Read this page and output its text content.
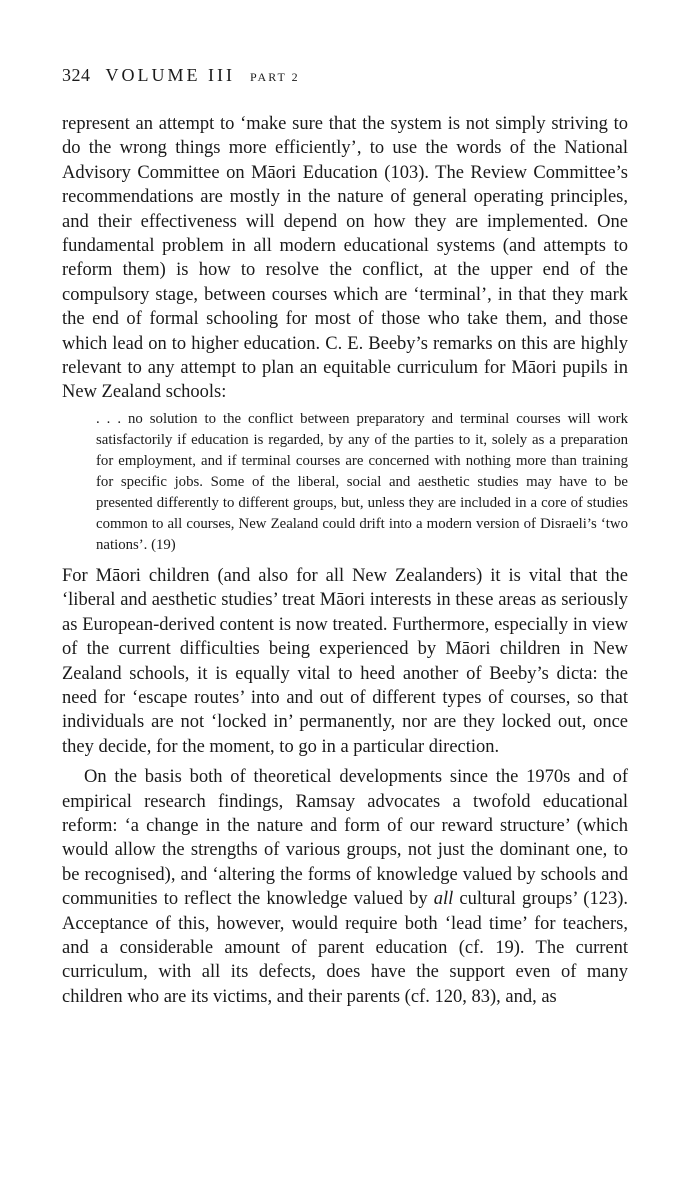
324 VOLUME III PART 2

represent an attempt to ‘make sure that the system is not simply striving to do the wrong things more efficiently’, to use the words of the National Advisory Committee on Māori Education (103). The Review Committee’s recommendations are mostly in the nature of general operating principles, and their effectiveness will depend on how they are implemented. One fundamental problem in all modern educational systems (and attempts to reform them) is how to resolve the conflict, at the upper end of the compulsory stage, between courses which are ‘terminal’, in that they mark the end of formal schooling for most of those who take them, and those which lead on to higher education. C. E. Beeby’s remarks on this are highly relevant to any attempt to plan an equitable curriculum for Māori pupils in New Zealand schools:

. . . no solution to the conflict between preparatory and terminal courses will work satisfactorily if education is regarded, by any of the parties to it, solely as a preparation for employment, and if terminal courses are concerned with nothing more than training for specific jobs. Some of the liberal, social and aesthetic studies may have to be presented differently to different groups, but, unless they are included in a core of studies common to all courses, New Zealand could drift into a modern version of Disraeli’s ‘two nations’. (19)

For Māori children (and also for all New Zealanders) it is vital that the ‘liberal and aesthetic studies’ treat Māori interests in these areas as seriously as European-derived content is now treated. Furthermore, especially in view of the current difficulties being experienced by Māori children in New Zealand schools, it is equally vital to heed another of Beeby’s dicta: the need for ‘escape routes’ into and out of different types of courses, so that individuals are not ‘locked in’ permanently, nor are they locked out, once they decide, for the moment, to go in a particular direction.

On the basis both of theoretical developments since the 1970s and of empirical research findings, Ramsay advocates a twofold educational reform: ‘a change in the nature and form of our reward structure’ (which would allow the strengths of various groups, not just the dominant one, to be recognised), and ‘altering the forms of knowledge valued by schools and communities to reflect the knowledge valued by all cultural groups’ (123). Acceptance of this, however, would require both ‘lead time’ for teachers, and a considerable amount of parent education (cf. 19). The current curriculum, with all its defects, does have the support even of many children who are its victims, and their parents (cf. 120, 83), and, as
